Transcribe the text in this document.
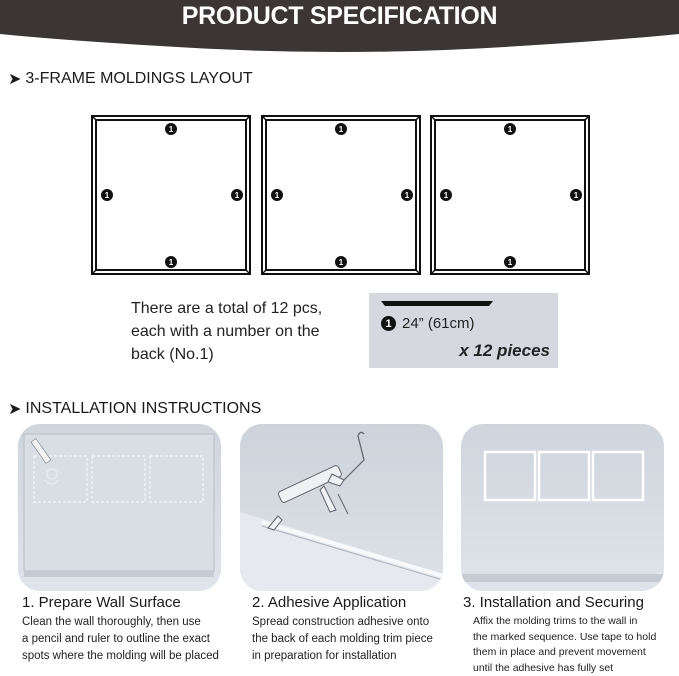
PRODUCT SPECIFICATION
➤ 3-FRAME MOLDINGS LAYOUT
1
1
1	1
1
1
1	1
1
1
1	1
There are a total of 12 pcs,
each with a number on the
back (No.1)
1 24” (61cm)
x 12 pieces
➤ INSTALLATION INSTRUCTIONS
1. Prepare Wall Surface
Clean the wall thoroughly, then use
a pencil and ruler to outline the exact
spots where the molding will be placed
2. Adhesive Application
Spread construction adhesive onto
the back of each molding trim piece
in preparation for installation
3. Installation and Securing
Affix the molding trims to the wall in
the marked sequence. Use tape to hold
them in place and prevent movement
until the adhesive has fully set
